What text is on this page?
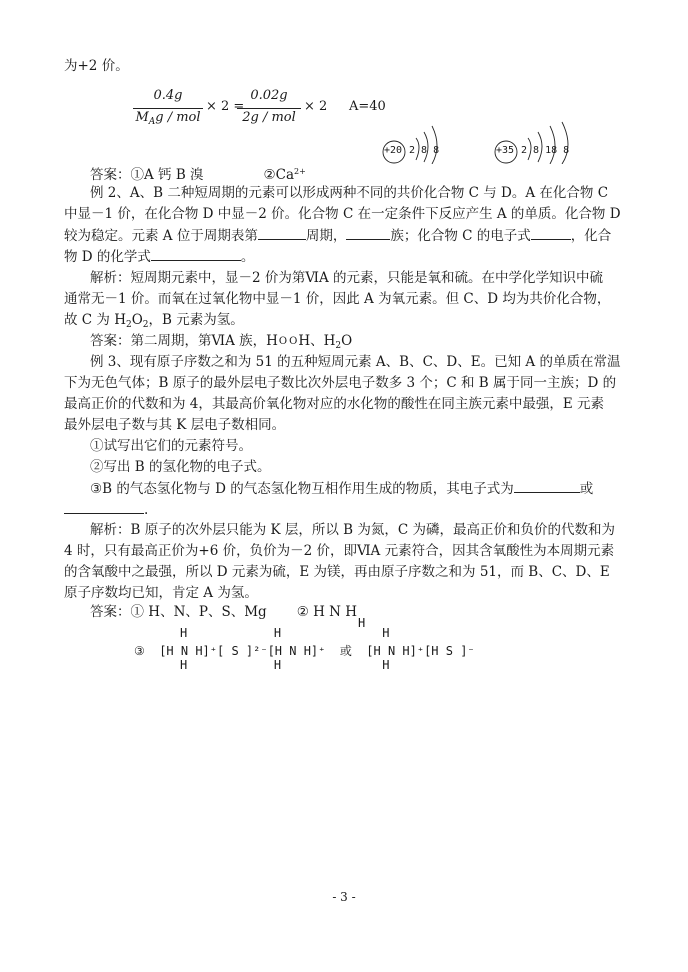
为+2 价。
0.4g
$M_Ag$ / mol
× 2 =
0.02g
2g / mol
× 2 A=40
+20 2 8 8	+35 2 8 18 8
答案：①A 钙 B 溴	$②Ca^{2+}$
例 2、A、B 二种短周期的元素可以形成两种不同的共价化合物 C 与 D。A 在化合物 C
中显－1 价，在化合物 D 中显－2 价。化合物 C 在一定条件下反应产生 A 的单质。化合物 D
较为稳定。元素 A 位于周期表第	周期，	族；化合物 C 的电子式	，化合
物 D 的化学式	。
解析：短周期元素中，显－2 价为第ⅥA 的元素，只能是氧和硫。在中学化学知识中硫
通常无－1 价。而氧在过氧化物中显－1 价，因此 A 为氧元素。但 C、D 均为共价化合物，
故 C 为 $H_2O_2$，B 元素为氢。
答案：第二周期，第ⅥA 族，HO OH、$H_2O$
例 3、现有原子序数之和为 51 的五种短周元素 A、B、C、D、E。已知 A 的单质在常温
下为无色气体；B 原子的最外层电子数比次外层电子数多 3 个；C 和 B 属于同一主族；D 的
最高正价的代数和为 4，其最高价氧化物对应的水化物的酸性在同主族元素中最强，E 元素
最外层电子数与其 K 层电子数相同。
①试写出它们的元素符号。
②写出 B 的氢化物的电子式。
③B 的气态氢化物与 D 的气态氢化物互相作用生成的物质，其电子式为	或
.
解析：B 原子的次外层只能为 K 层，所以 B 为氮，C 为磷，最高正价和负价的代数和为
4 时，只有最高正价为+6 价，负价为－2 价，即ⅥA 元素符合，因其含氧酸性为本周期元素
的含氧酸中之最强，所以 D 元素为硫，E 为镁，再由原子序数之和为 51，而 B、C、D、E
原子序数均已知，肯定 A 为氢。
答案：① H、N、P、S、Mg ② H N H
H
H            H              H
③  [H N H]⁺[ S ]²⁻[H N H]⁺  或  [H N H]⁺[H S ]⁻
H            H              H
- 3 -
